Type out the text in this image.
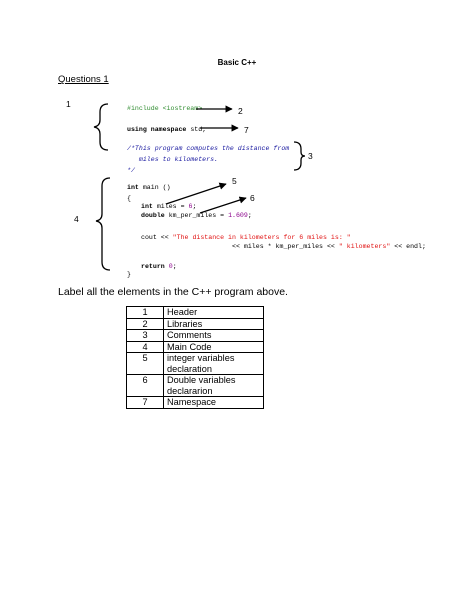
Basic C++
Questions 1
1
2
7
3
5
6
4
#include <iostream>
using namespace std;
/*This program computes the distance from
miles to kilometers.
*/
int main ()
{
int miles = 6;
double km_per_miles = 1.609;
cout << "The distance in kilometers for 6 miles is: "
<< miles * km_per_miles << " kilometers" << endl;
return 0;
}
Label all the elements in the C++ program above.
1	Header
2	Libraries
3	Comments
4	Main Code
5	integer variables declaration
6	Double variables declararion
7	Namespace
